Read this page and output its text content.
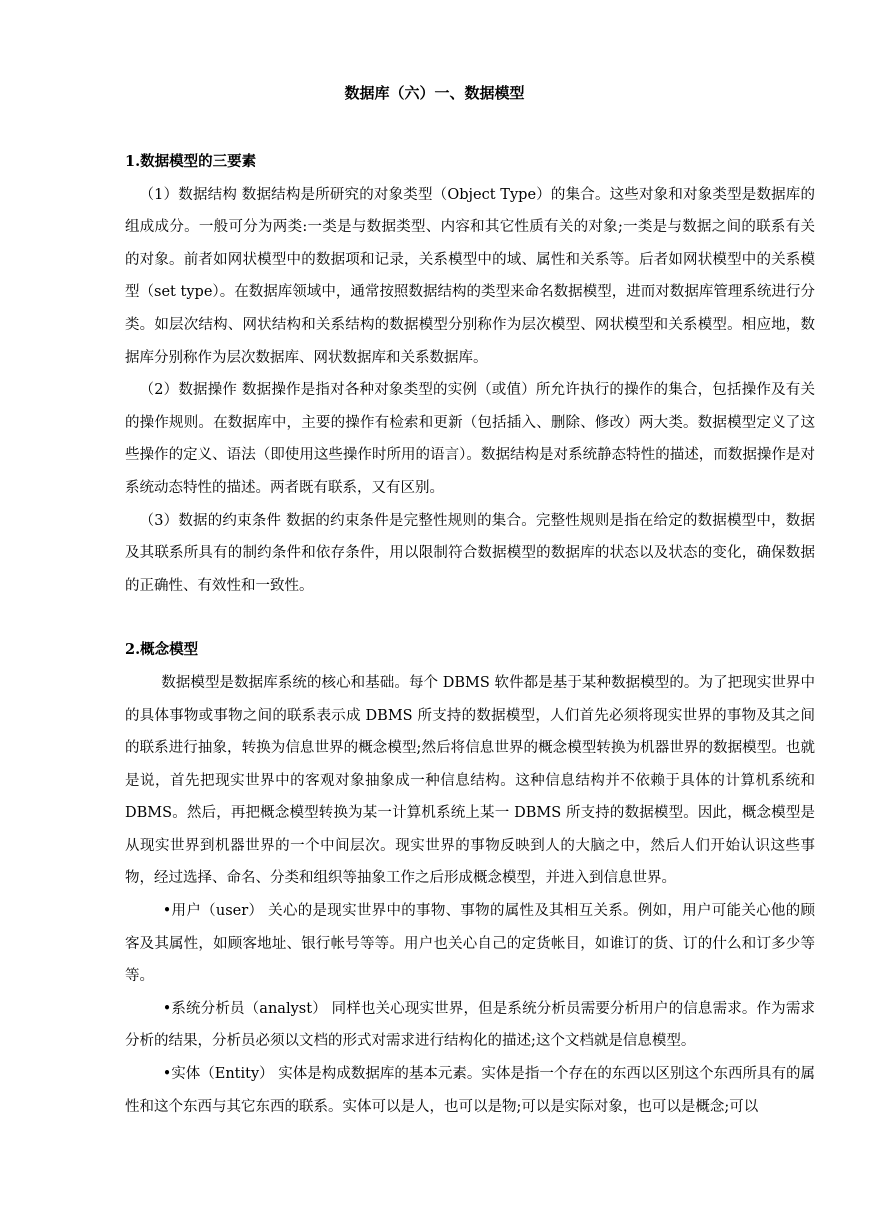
数据库（六）一、数据模型

1.数据模型的三要素

（1）数据结构 数据结构是所研究的对象类型（Object Type）的集合。这些对象和对象类型是数据库的组成成分。一般可分为两类:一类是与数据类型、内容和其它性质有关的对象;一类是与数据之间的联系有关的对象。前者如网状模型中的数据项和记录，关系模型中的域、属性和关系等。后者如网状模型中的关系模型（set type）。在数据库领域中，通常按照数据结构的类型来命名数据模型，进而对数据库管理系统进行分类。如层次结构、网状结构和关系结构的数据模型分别称作为层次模型、网状模型和关系模型。相应地，数据库分别称作为层次数据库、网状数据库和关系数据库。

（2）数据操作 数据操作是指对各种对象类型的实例（或值）所允许执行的操作的集合，包括操作及有关的操作规则。在数据库中，主要的操作有检索和更新（包括插入、删除、修改）两大类。数据模型定义了这些操作的定义、语法（即使用这些操作时所用的语言）。数据结构是对系统静态特性的描述，而数据操作是对系统动态特性的描述。两者既有联系，又有区别。

（3）数据的约束条件 数据的约束条件是完整性规则的集合。完整性规则是指在给定的数据模型中，数据及其联系所具有的制约条件和依存条件，用以限制符合数据模型的数据库的状态以及状态的变化，确保数据的正确性、有效性和一致性。

2.概念模型

数据模型是数据库系统的核心和基础。每个 DBMS 软件都是基于某种数据模型的。为了把现实世界中的具体事物或事物之间的联系表示成 DBMS 所支持的数据模型，人们首先必须将现实世界的事物及其之间的联系进行抽象，转换为信息世界的概念模型;然后将信息世界的概念模型转换为机器世界的数据模型。也就是说，首先把现实世界中的客观对象抽象成一种信息结构。这种信息结构并不依赖于具体的计算机系统和 DBMS。然后，再把概念模型转换为某一计算机系统上某一 DBMS 所支持的数据模型。因此，概念模型是从现实世界到机器世界的一个中间层次。现实世界的事物反映到人的大脑之中，然后人们开始认识这些事物，经过选择、命名、分类和组织等抽象工作之后形成概念模型，并进入到信息世界。

•用户（user） 关心的是现实世界中的事物、事物的属性及其相互关系。例如，用户可能关心他的顾客及其属性，如顾客地址、银行帐号等等。用户也关心自己的定货帐目，如谁订的货、订的什么和订多少等等。

•系统分析员（analyst） 同样也关心现实世界，但是系统分析员需要分析用户的信息需求。作为需求分析的结果，分析员必须以文档的形式对需求进行结构化的描述;这个文档就是信息模型。

•实体（Entity） 实体是构成数据库的基本元素。实体是指一个存在的东西以区别这个东西所具有的属性和这个东西与其它东西的联系。实体可以是人，也可以是物;可以是实际对象，也可以是概念;可以
